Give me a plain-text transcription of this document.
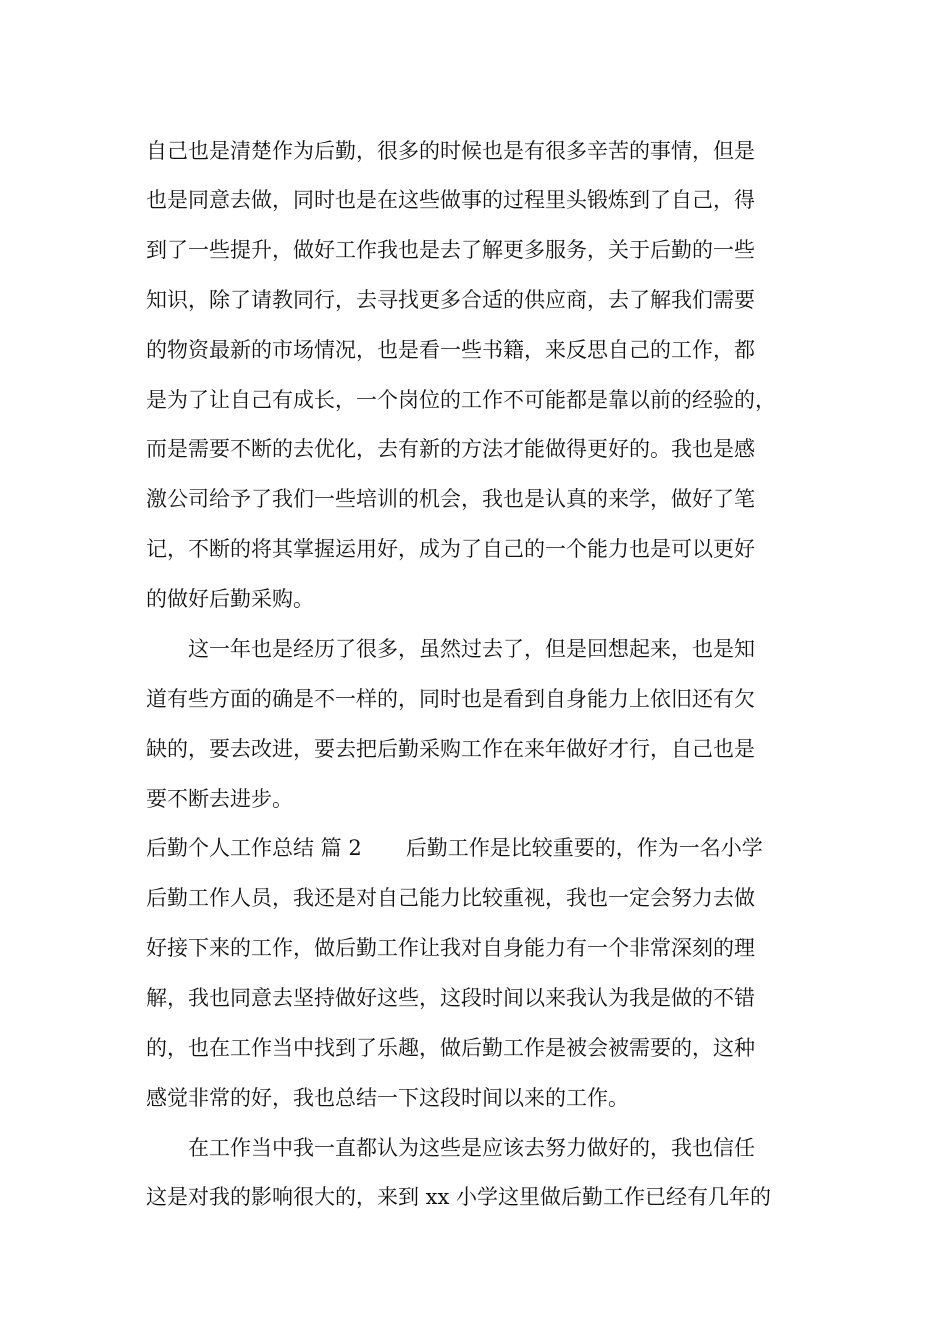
自己也是清楚作为后勤，很多的时候也是有很多辛苦的事情，但是
也是同意去做，同时也是在这些做事的过程里头锻炼到了自己，得
到了一些提升，做好工作我也是去了解更多服务，关于后勤的一些
知识，除了请教同行，去寻找更多合适的供应商，去了解我们需要
的物资最新的市场情况，也是看一些书籍，来反思自己的工作，都
是为了让自己有成长，一个岗位的工作不可能都是靠以前的经验的，
而是需要不断的去优化，去有新的方法才能做得更好的。我也是感
激公司给予了我们一些培训的机会，我也是认真的来学，做好了笔
记，不断的将其掌握运用好，成为了自己的一个能力也是可以更好
的做好后勤采购。
　　这一年也是经历了很多，虽然过去了，但是回想起来，也是知
道有些方面的确是不一样的，同时也是看到自身能力上依旧还有欠
缺的，要去改进，要去把后勤采购工作在来年做好才行，自己也是
要不断去进步。
后勤个人工作总结 篇 2 后勤工作是比较重要的，作为一名小学
后勤工作人员，我还是对自己能力比较重视，我也一定会努力去做
好接下来的工作，做后勤工作让我对自身能力有一个非常深刻的理
解，我也同意去坚持做好这些，这段时间以来我认为我是做的不错
的，也在工作当中找到了乐趣，做后勤工作是被会被需要的，这种
感觉非常的好，我也总结一下这段时间以来的工作。
　　在工作当中我一直都认为这些是应该去努力做好的，我也信任
这是对我的影响很大的，来到 xx 小学这里做后勤工作已经有几年的
